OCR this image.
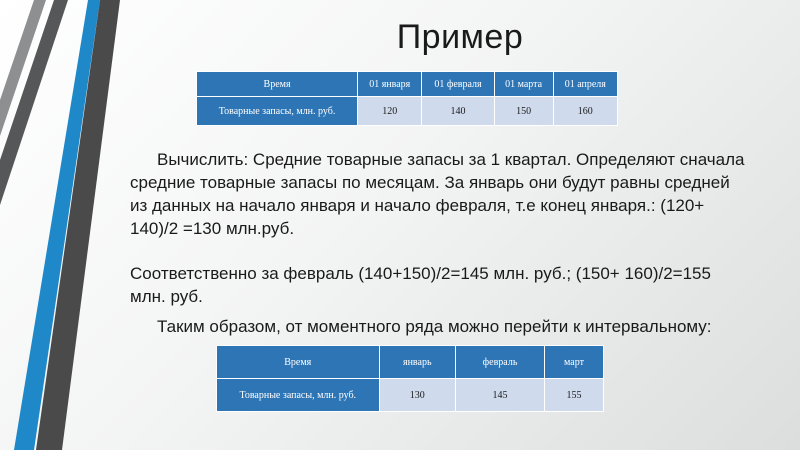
Пример
Время	01 января	01 февраля	01 марта	01 апреля
Товарные запасы, млн. руб.	120	140	150	160

Вычислить: Средние товарные запасы за 1 квартал. Определяют сначала средние товарные запасы по месяцам. За январь они будут равны средней из данных на начало января и начало февраля, т.е конец января.: (120+ 140)/2 =130 млн.руб.

Соответственно за февраль (140+150)/2=145 млн. руб.; (150+ 160)/2=155 млн. руб.

Таким образом, от моментного ряда можно перейти к интервальному:

Время	январь	февраль	март
Товарные запасы, млн. руб.	130	145	155
